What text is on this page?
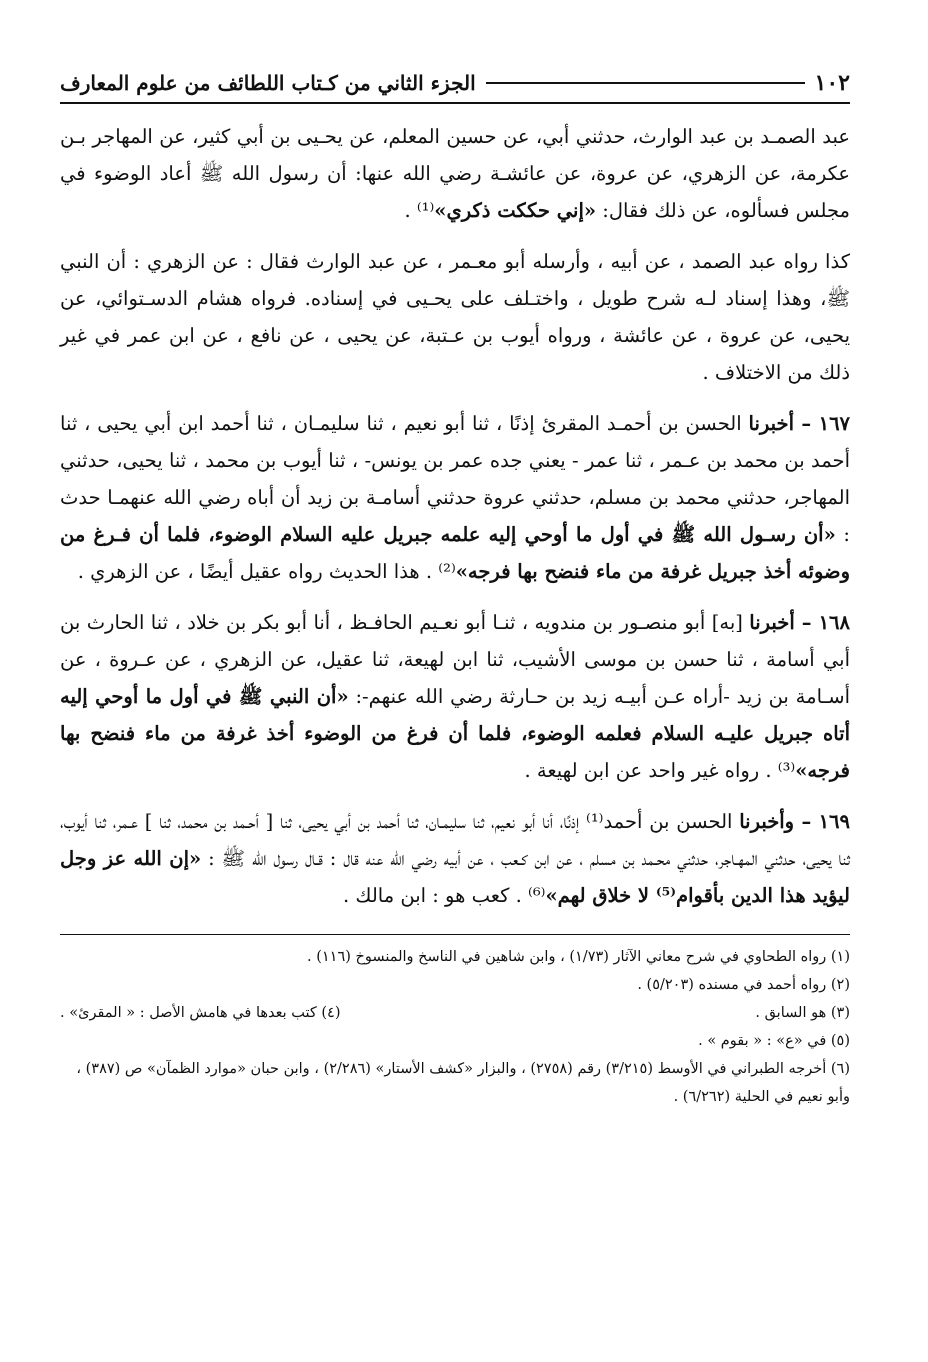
١٠٢
الجزء الثاني من كـتاب اللطائف من علوم المعارف

عبد الصمـد بن عبد الوارث، حدثني أبي، عن حسين المعلم، عن يحـيى بن أبي كثير، عن المهاجر بـن عكرمة، عن الزهري، عن عروة، عن عائشـة رضي الله عنها: أن رسول الله ﷺ أعاد الوضوء في مجلس فسألوه، عن ذلك فقال: «إني حككت ذكري»⁽¹⁾ .

كذا رواه عبد الصمد ، عن أبيه ، وأرسله أبو معـمر ، عن عبد الوارث فقال : عن الزهري : أن النبي ﷺ، وهذا إسناد لـه شرح طويل ، واختـلف على يحـيى في إسناده. فرواه هشام الدسـتوائي، عن يحيى، عن عروة ، عن عائشة ، ورواه أيوب بن عـتبة، عن يحيى ، عن نافع ، عن ابن عمر في غير ذلك من الاختلاف .

١٦٧ – أخبرنا الحسن بن أحمـد المقرئ إذنًا ، ثنا أبو نعيم ، ثنا سليمـان ، ثنا أحمد ابن أبي يحيى ، ثنا أحمد بن محمد بن عـمر ، ثنا عمر - يعني جده عمر بن يونس- ، ثنا أيوب بن محمد ، ثنا يحيى، حدثني المهاجر، حدثني محمد بن مسلم، حدثني عروة حدثني أسامـة بن زيد أن أباه رضي الله عنهمـا حدث : «أن رسـول الله ﷺ في أول ما أوحي إليه علمه جبريل عليه السلام الوضوء، فلما أن فـرغ من وضوئه أخذ جبريل غرفة من ماء فنضح بها فرجه»⁽²⁾ . هذا الحديث رواه عقيل أيضًا ، عن الزهري .

١٦٨ – أخبرنا [به] أبو منصـور بن مندويه ، ثنـا أبو نعـيم الحافـظ ، أنا أبو بكر بن خلاد ، ثنا الحارث بن أبي أسامة ، ثنا حسن بن موسى الأشيب، ثنا ابن لهيعة، ثنا عقيل، عن الزهري ، عن عـروة ، عن أسـامة بن زيد -أراه عـن أبيـه زيد بن حـارثة رضي الله عنهم-: «أن النبي ﷺ في أول ما أوحي إليه أتاه جبريل عليـه السلام فعلمه الوضوء، فلما أن فرغ من الوضوء أخذ غرفة من ماء فنضح بها فرجه»⁽³⁾ . رواه غير واحد عن ابن لهيعة .

١٦٩ – وأخبرنا الحسن بن أحمد⁽¹⁾ إذنًا، أنا أبو نعيم، ثنا سليمـان، ثنا أحمد بن أبي يحيى، ثنا [ أحـمد بن محمد، ثنا ] عـمر، ثنا أيوب، ثنا يحيى، حدثني المهـاجر، حدثني محـمد بن مسلم ، عن ابن كـعب ، عن أبيه رضي الله عنه قال : قـال رسول الله ﷺ : «إن الله عز وجل ليؤيد هذا الدين بأقوام⁽⁵⁾ لا خلاق لهم»⁽⁶⁾ . كعب هو : ابن مالك .

(١) رواه الطحاوي في شرح معاني الآثار (١/٧٣) ، وابن شاهين في الناسخ والمنسوخ (١١٦) .

(٢) رواه أحمد في مسنده (٥/٢٠٣) .

(٣) هو السابق .
(٤) كتب بعدها في هامش الأصل : « المقرئ» .

(٥) في «ع» : « بقوم » .

(٦) أخرجه الطبراني في الأوسط (٣/٢١٥) رقم (٢٧٥٨) ، والبزار «كشف الأستار» (٢/٢٨٦) ، وابن حبان «موارد الظمآن» ص (٣٨٧) ، وأبو نعيم في الحلية (٦/٢٦٢) .
